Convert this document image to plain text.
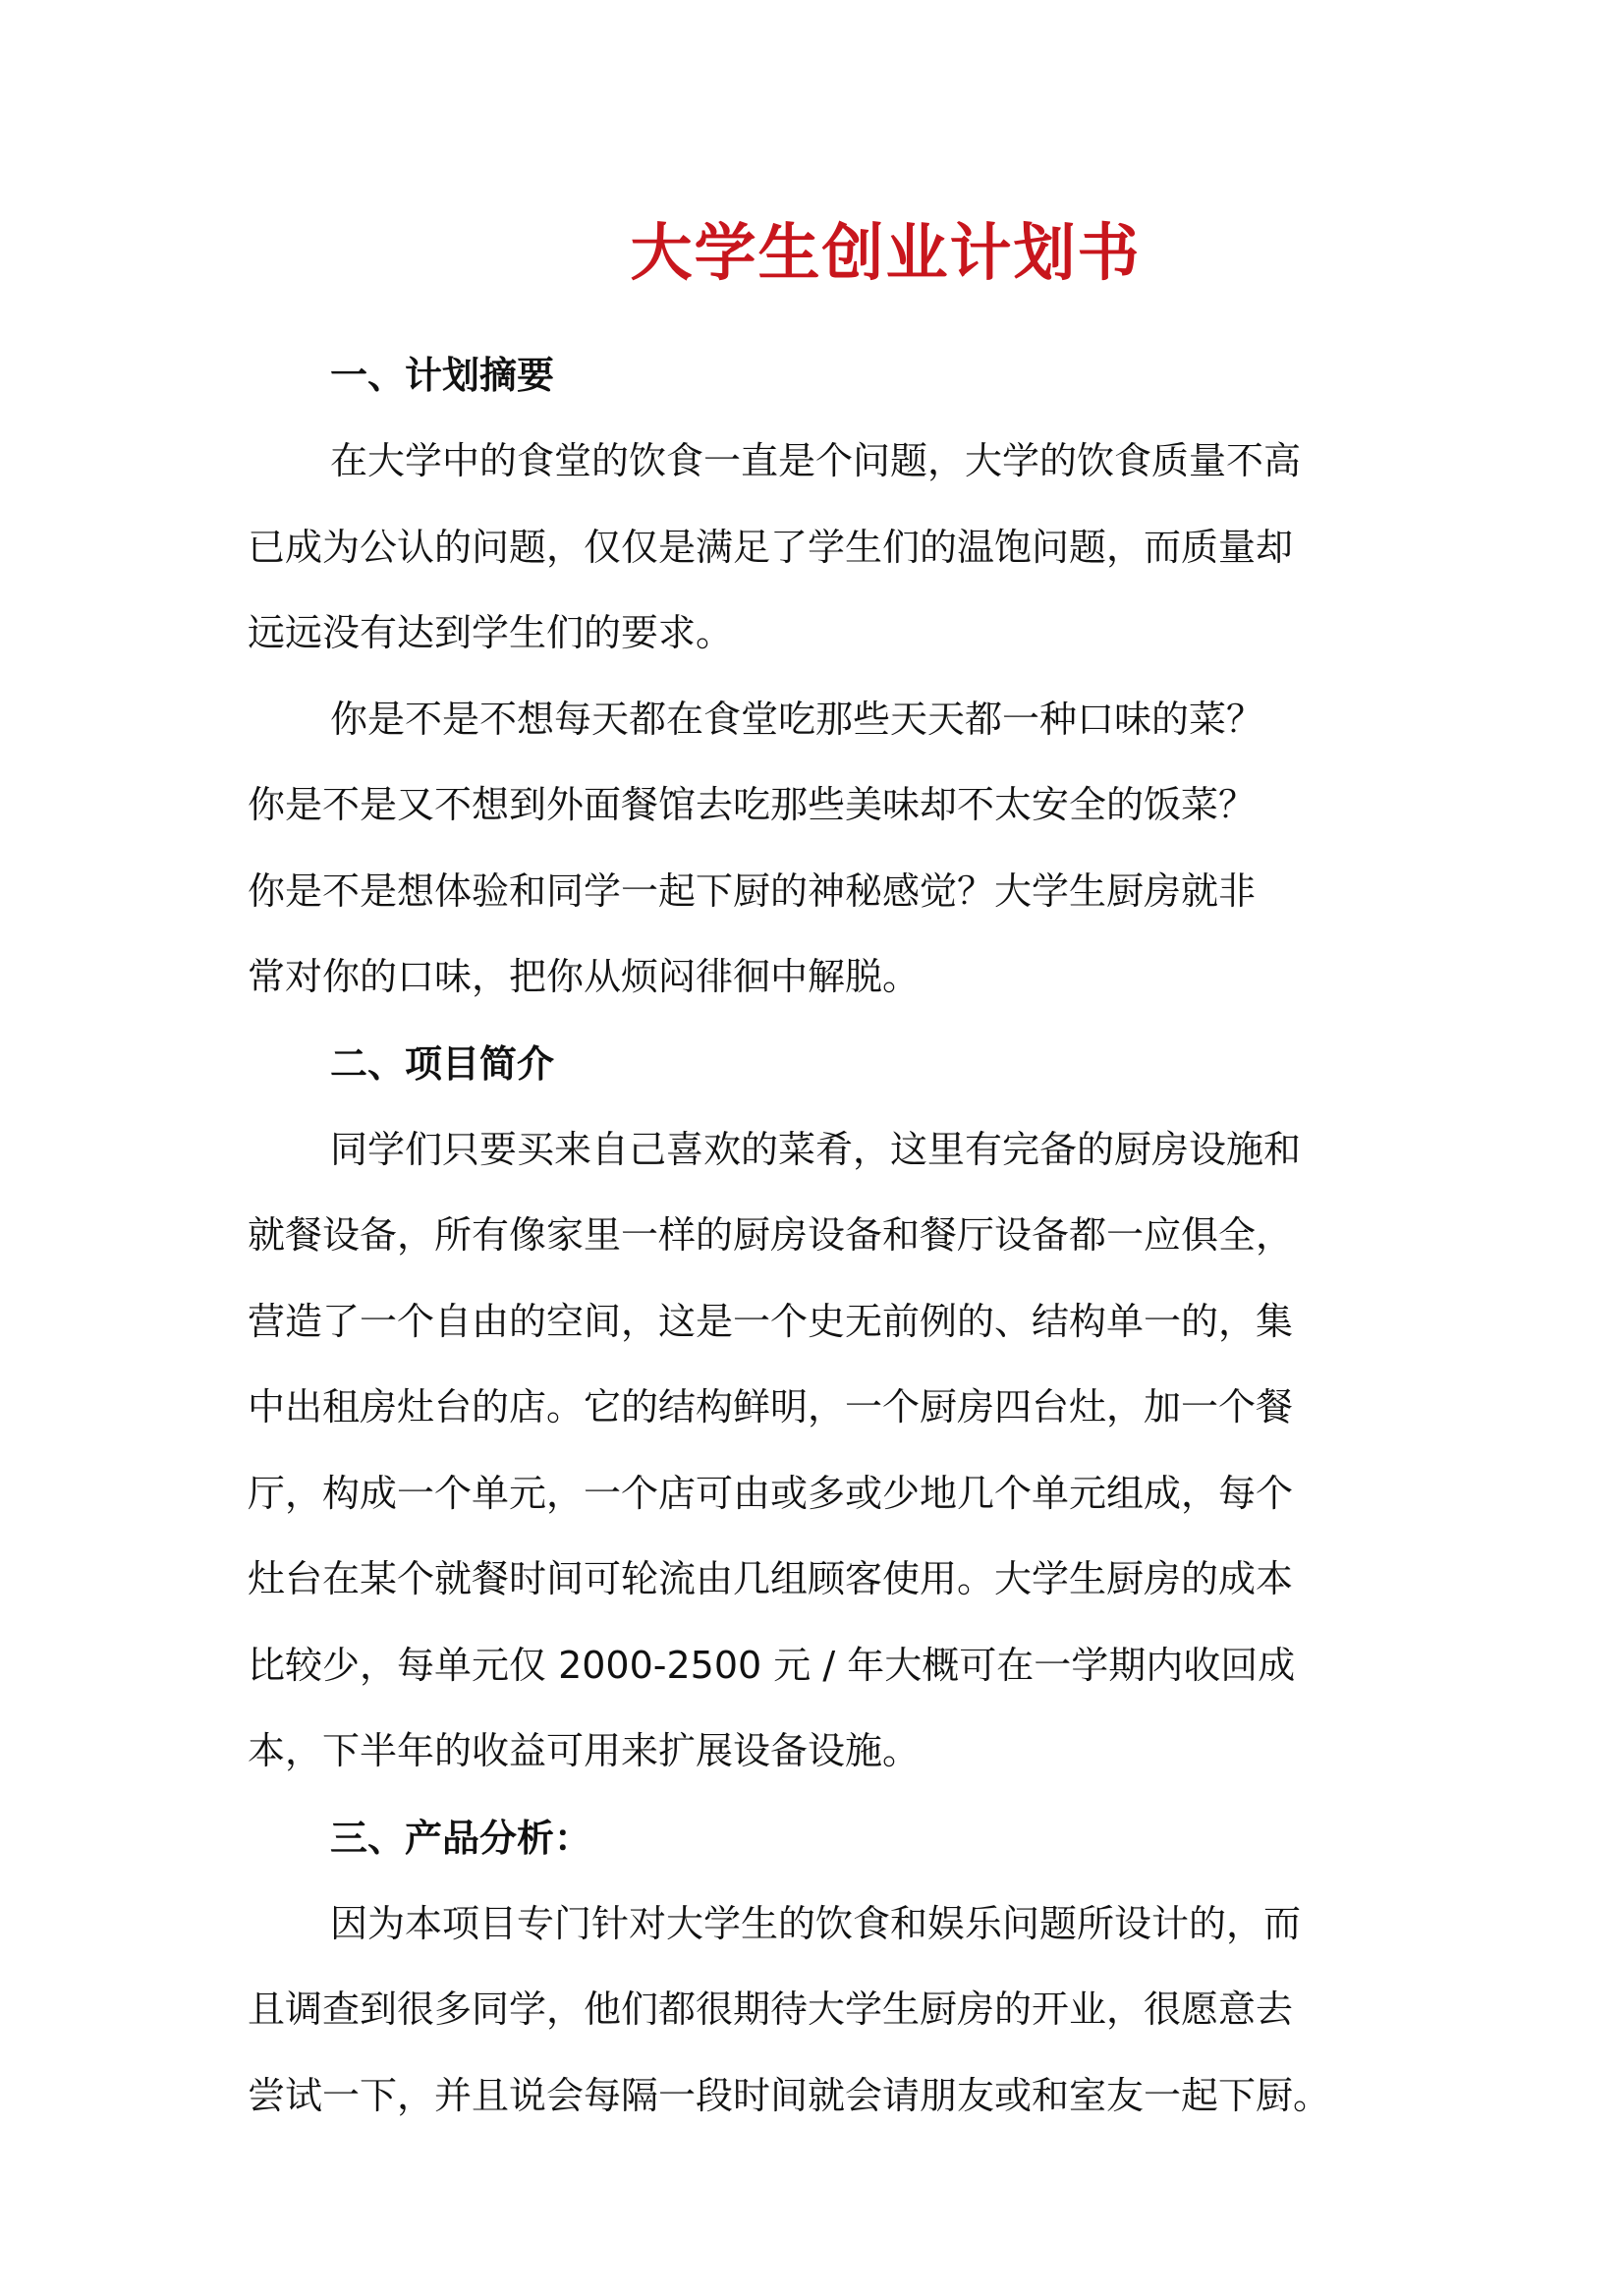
大学生创业计划书
一、计划摘要
在大学中的食堂的饮食一直是个问题，大学的饮食质量不高
已成为公认的问题，仅仅是满足了学生们的温饱问题，而质量却
远远没有达到学生们的要求。
你是不是不想每天都在食堂吃那些天天都一种口味的菜？
你是不是又不想到外面餐馆去吃那些美味却不太安全的饭菜？
你是不是想体验和同学一起下厨的神秘感觉？大学生厨房就非
常对你的口味，把你从烦闷徘徊中解脱。
二、项目简介
同学们只要买来自己喜欢的菜肴，这里有完备的厨房设施和
就餐设备，所有像家里一样的厨房设备和餐厅设备都一应俱全，
营造了一个自由的空间，这是一个史无前例的、结构单一的，集
中出租房灶台的店。它的结构鲜明，一个厨房四台灶，加一个餐
厅，构成一个单元，一个店可由或多或少地几个单元组成，每个
灶台在某个就餐时间可轮流由几组顾客使用。大学生厨房的成本
比较少，每单元仅 2000-2500 元 / 年大概可在一学期内收回成
本，下半年的收益可用来扩展设备设施。
三、产品分析：
因为本项目专门针对大学生的饮食和娱乐问题所设计的，而
且调查到很多同学，他们都很期待大学生厨房的开业，很愿意去
尝试一下，并且说会每隔一段时间就会请朋友或和室友一起下厨。
